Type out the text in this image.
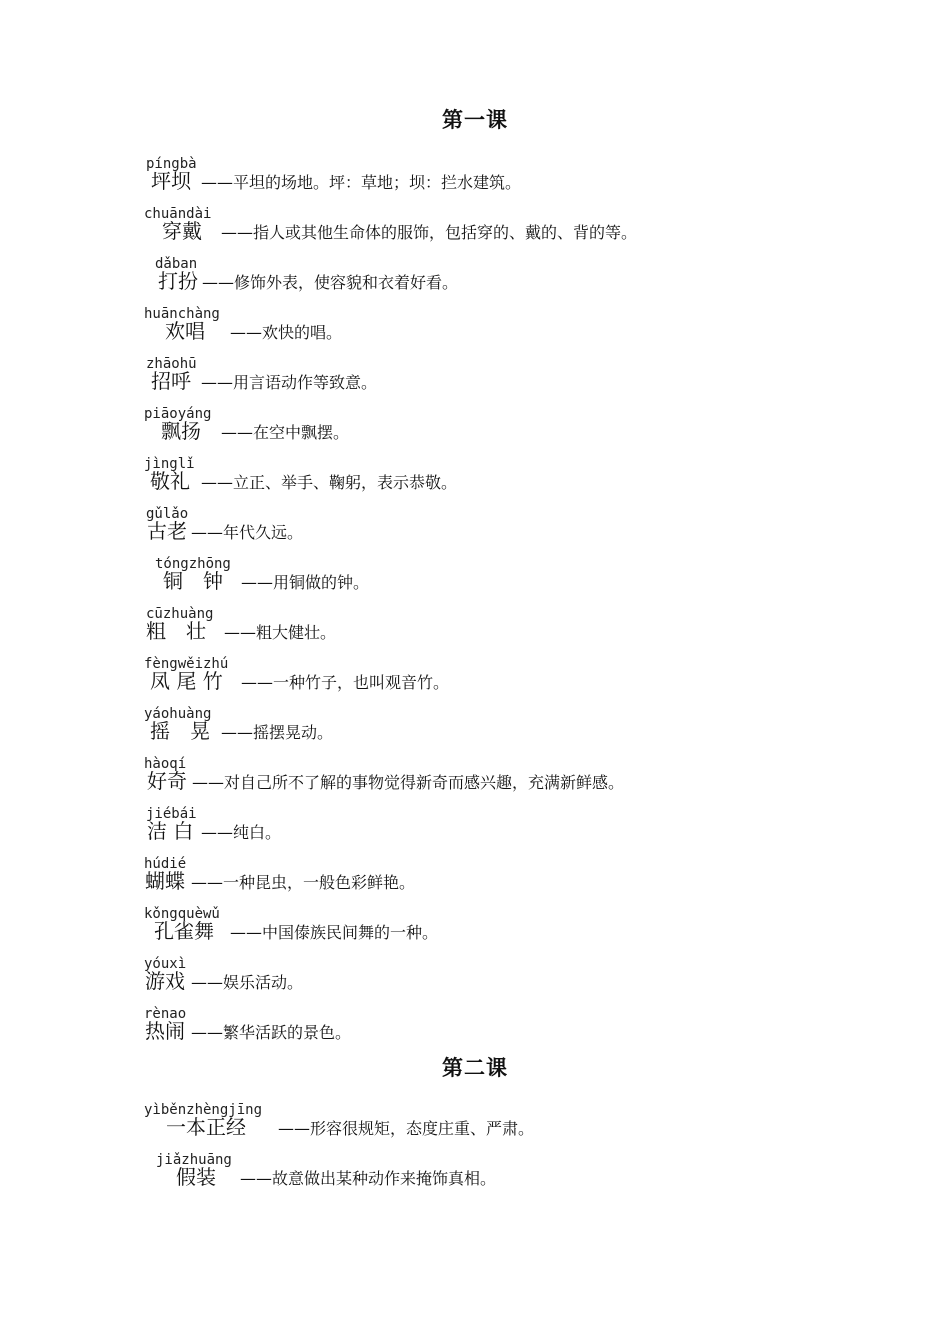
第一课
píngbà
坪坝 ——平坦的场地。坪：草地；坝：拦水建筑。
chuāndài
穿戴 ——指人或其他生命体的服饰，包括穿的、戴的、背的等。
dǎban
打扮 ——修饰外表，使容貌和衣着好看。
huānchàng
欢唱 ——欢快的唱。
zhāohū
招呼 ——用言语动作等致意。
piāoyáng
飘扬 ——在空中飘摆。
jìnglǐ
敬礼 ——立正、举手、鞠躬，表示恭敬。
gǔlǎo
古老 ——年代久远。
tóngzhōng
铜　钟 ——用铜做的钟。
cūzhuàng
粗　壮 ——粗大健壮。
fèngwěizhú
凤 尾 竹 ——一种竹子，也叫观音竹。
yáohuàng
摇　晃 ——摇摆晃动。
hàoqí
好奇 ——对自己所不了解的事物觉得新奇而感兴趣，充满新鲜感。
jiébái
洁 白 ——纯白。
húdié
蝴蝶 ——一种昆虫，一般色彩鲜艳。
kǒngquèwǔ
孔雀舞 ——中国傣族民间舞的一种。
yóuxì
游戏 ——娱乐活动。
rènao
热闹 ——繁华活跃的景色。
第二课
yìběnzhèngjīng
一本正经 ——形容很规矩，态度庄重、严肃。
jiǎzhuāng
假装 ——故意做出某种动作来掩饰真相。
